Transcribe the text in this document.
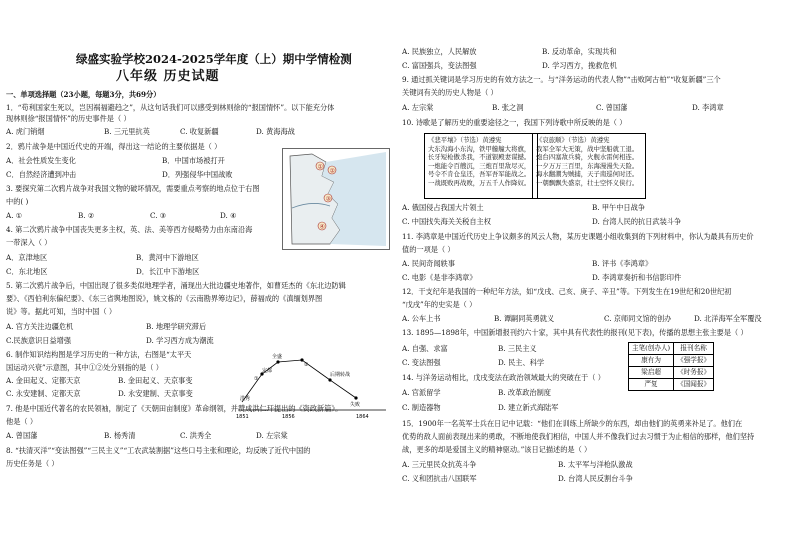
绿盛实验学校2024-2025学年度（上）期中学情检测
八年级 历史试题
一、单项选择题（23小题，每题3分，共69分）
1．“苟利国家生死以，岂因祸福避趋之”，从这句话我们可以感受到林则徐的“报国情怀”。以下能充分体
现林则徐“报国情怀”的历史事件是（ ）
A. 虎门销烟	B. 三元里抗英	C. 收复新疆	D. 黄海海战
2．鸦片战争是中国近代史的开端，得出这一结论的主要依据是（ ）
A．社会性质发生变化	B．中国市场被打开
C．自然经济遭到冲击	D．列强侵华中国战败
3. 要探究第二次鸦片战争对我国文物的破坏情况，需要重点考察的地点位于右图
中的( )
A. ①	B. ②	C. ③	D. ④
4. 第二次鸦片战争中国丧失更多主权，英、法、美等西方侵略势力由东南沿海
一带深入（ ）
A．京津地区	B．黄河中下游地区
C．东北地区	D．长江中下游地区
5. 第二次鸦片战争后，中国出现了很多类似地理学者，涌现出大批边疆史地著作，如曹廷杰的《东北边防辑
要》、《西伯利东偏纪要》、《东三省舆地图说》，姚文栋的《云南勘界筹边记》，薛福成的《滇缅划界图
说》等。据此可知，当时中国（ ）
A. 官方关注边疆危机	B. 地理学研究滞后
C.民族意识日益增强	D. 学习西方成为潮流
6. 制作知识结构图是学习历史的一种方法，右图是“太平天
国运动兴衰”示意图，其中①②处分别指的是（ ）
A. 金田起义、定都天京	B. 金田起义、天京事变
C. 永安建制、定都天京	D. 永安建制、天京事变
7. 他是中国近代著名的农民领袖，制定了《天朝田亩制度》革命纲领，并赞成洪仁玕提出的《资政新篇》。
他是（ ）
A. 曾国藩	B. 杨秀清	C. 洪秀全	D. 左宗棠
8. “扶清灭洋”“变法图强”“三民主义”“工农武装割据”这些口号主张和理论，均反映了近代中国的
历史任务是（ ）
①
②
③
④
洪秀
全盛
①
定都
②
后期转战
失败
1851	1856	1864
A. 民族独立，人民解放	B. 反动革命，实现共和
C. 富国强兵，变法图强	D. 学习西方，挽救危机
9. 通过抓关键词是学习历史的有效方法之一。与“洋务运动的代表人物”“击败阿古柏”“收复新疆”三个
关键词有关的历史人物是（ ）
A. 左宗棠	B. 张之洞	C. 曾国藩	D. 李鸿章
10. 诗歌是了解历史的重要途径之一，我国下列诗歌中所反映的是（ ）
A. 俄国侵占我国大片领土	B. 甲午中日战争
C. 中国找失海关关税自主权	D. 台湾人民的抗日武装斗争
11. 李鸿章是中国近代历史上争议颇多的风云人物，某历史课题小组收集到的下列材料中，你认为最具有历史价
值的一项是（ ）
A. 民间奇闻轶事	B. 评书《李鸿章》
C. 电影《是非李鸿章》	D. 李鸿章奏折和书信影印件
12．干支纪年是我国的一种纪年方法，如“戊戌、己亥、庚子、辛丑”等。下列发生在19世纪和20世纪初
“戊戌”年的史实是（ ）
A. 公车上书	B. 谭嗣同英勇就义	C. 京师同文馆的创办	D. 北洋海军全军覆没
13. 1895—1898年，中国新增报刊约六十家，其中具有代表性的报刊(见下表)，传播的思想主张主要是（ ）
A. 自强、求富	B. 三民主义
C. 变法图强	D. 民主、科学
14. 与洋务运动相比，戊戌变法在政治领域最大的突破在于（ ）
A. 官派留学	B. 改革政治制度
C. 制造器物	D. 建立新式海陆军
15．1900年一名英军士兵在日记中记载：“他们在训练上所缺少的东西，却由他们的英勇来补足了。他们在
优势的敌人面前表现出来的勇敢，不断地使我们相信，中国人并不像我们过去习惯于为止相信的那样，他们坚持
战，更多的却是爱国主义的精神驱动。”该日记描述的是（ ）
A. 三元里民众抗英斗争	B. 太平军与洋枪队激战
C. 义和团抗击八国联军	D. 台湾人民反割台斗争
《悲平壤》（节选）黄遵宪
大东沟海小东沟，铁甲艨艟大将旗，
长牙短枪傲杀我，不道银殿妻谋撼。
一炮能令百艘沉，三炮百里敌尽灭，
号令不肯仓皇还，吾军吾军能战之。
一战既败再战败，万五千人作降奴。
《哀旅顺》（节选）黄遵宪
我军全军大无策，战中坚船就工退。
炮台四塞敌兵骑，火舰水雷何相连。
一夕万万三百里，东海漫漫失天险。
海水翻潮为贼捕，天子南巡何时还。
一朝飘飘失盛京，壮士空怀义侠行。
主笔(创办人)	报刊名称
康有为	《强学报》
梁启超	《时务报》
严复	《国闻报》
